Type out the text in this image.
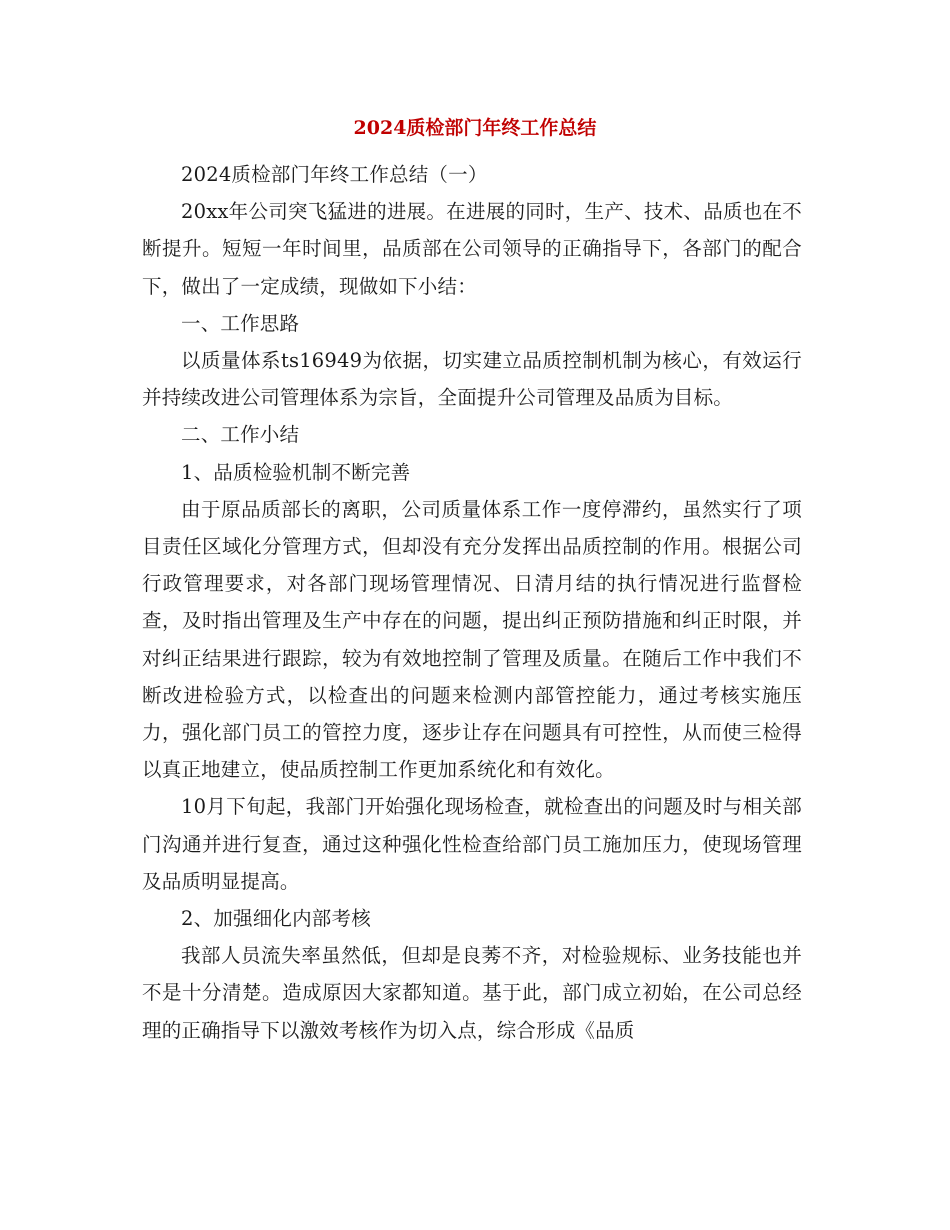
2024质检部门年终工作总结

2024质检部门年终工作总结（一）

20xx年公司突飞猛进的进展。在进展的同时，生产、技术、品质也在不断提升。短短一年时间里，品质部在公司领导的正确指导下，各部门的配合下，做出了一定成绩，现做如下小结：

一、工作思路

以质量体系ts16949为依据，切实建立品质控制机制为核心，有效运行并持续改进公司管理体系为宗旨，全面提升公司管理及品质为目标。

二、工作小结

1、品质检验机制不断完善

由于原品质部长的离职，公司质量体系工作一度停滞约，虽然实行了项目责任区域化分管理方式，但却没有充分发挥出品质控制的作用。根据公司行政管理要求，对各部门现场管理情况、日清月结的执行情况进行监督检查，及时指出管理及生产中存在的问题，提出纠正预防措施和纠正时限，并对纠正结果进行跟踪，较为有效地控制了管理及质量。在随后工作中我们不断改进检验方式，以检查出的问题来检测内部管控能力，通过考核实施压力，强化部门员工的管控力度，逐步让存在问题具有可控性，从而使三检得以真正地建立，使品质控制工作更加系统化和有效化。

10月下旬起，我部门开始强化现场检查，就检查出的问题及时与相关部门沟通并进行复查，通过这种强化性检查给部门员工施加压力，使现场管理及品质明显提高。

2、加强细化内部考核

我部人员流失率虽然低，但却是良莠不齐，对检验规标、业务技能也并不是十分清楚。造成原因大家都知道。基于此，部门成立初始，在公司总经理的正确指导下以激效考核作为切入点，综合形成《品质
